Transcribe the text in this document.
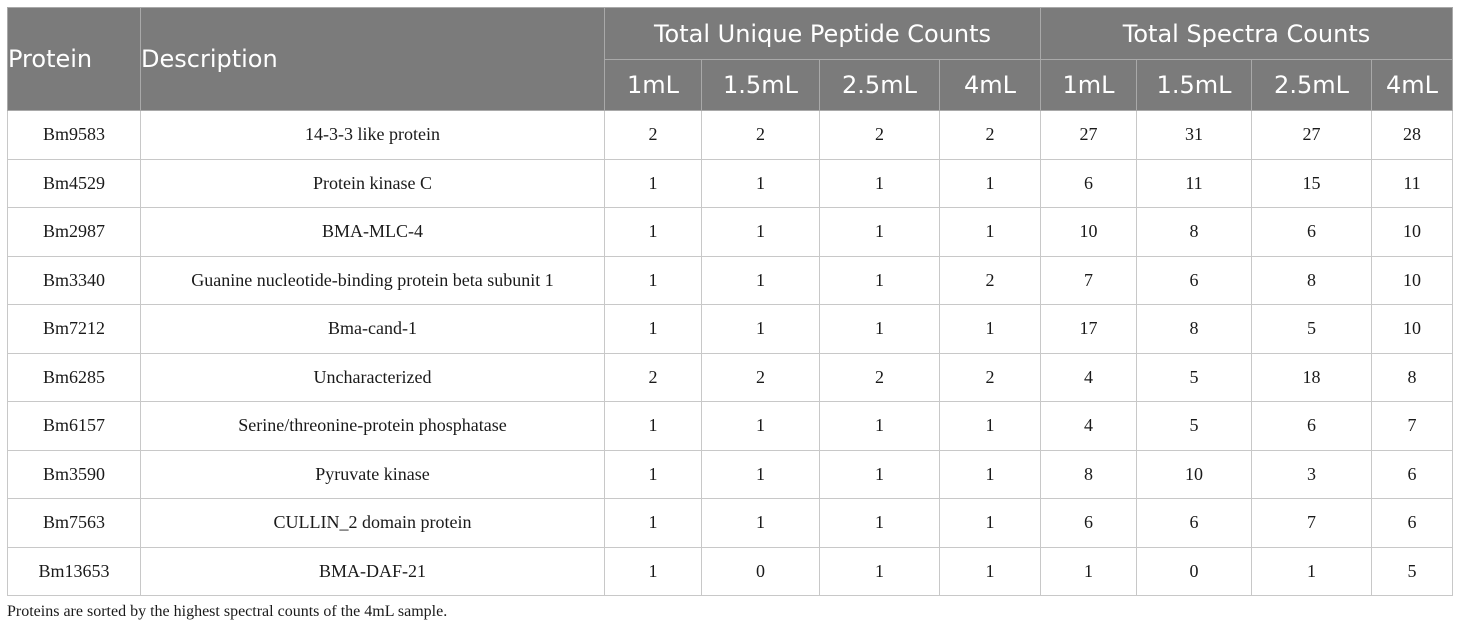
Protein	Description	Total Unique Peptide Counts				Total Spectra Counts			
		1mL	1.5mL	2.5mL	4mL	1mL	1.5mL	2.5mL	4mL
Bm9583	14-3-3 like protein	2	2	2	2	27	31	27	28
Bm4529	Protein kinase C	1	1	1	1	6	11	15	11
Bm2987	BMA-MLC-4	1	1	1	1	10	8	6	10
Bm3340	Guanine nucleotide-binding protein beta subunit 1	1	1	1	2	7	6	8	10
Bm7212	Bma-cand-1	1	1	1	1	17	8	5	10
Bm6285	Uncharacterized	2	2	2	2	4	5	18	8
Bm6157	Serine/threonine-protein phosphatase	1	1	1	1	4	5	6	7
Bm3590	Pyruvate kinase	1	1	1	1	8	10	3	6
Bm7563	CULLIN_2 domain protein	1	1	1	1	6	6	7	6
Bm13653	BMA-DAF-21	1	0	1	1	1	0	1	5
Proteins are sorted by the highest spectral counts of the 4mL sample.
